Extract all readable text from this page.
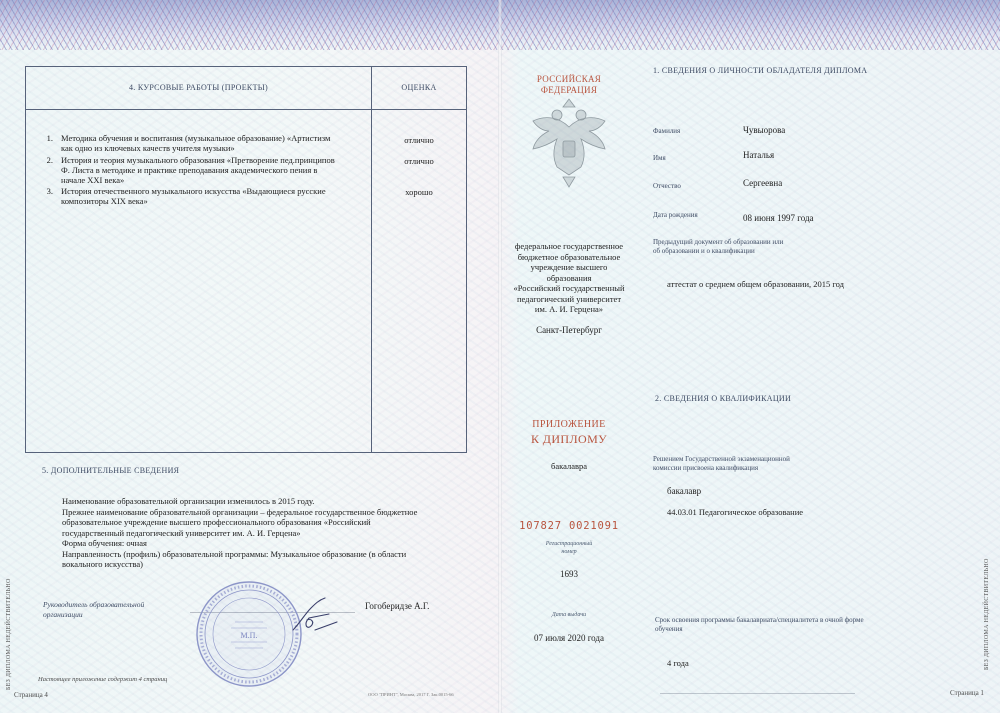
4. КУРСОВЫЕ РАБОТЫ (ПРОЕКТЫ)	ОЦЕНКА
1. Методика обучения и воспитания (музыкальное образование) «Артистизм
как одно из ключевых качеств учителя музыки»
отлично
2. История и теория музыкального образования «Претворение пед.принципов
Ф. Листа в методике и практике преподавания академического пения в
начале XXI века»
отлично
3. История отечественного музыкального искусства «Выдающиеся русские
композиторы XIX века»
хорошо
5. ДОПОЛНИТЕЛЬНЫЕ СВЕДЕНИЯ
Наименование образовательной организации изменилось в 2015 году.
Прежнее наименование образовательной организации – федеральное государственное бюджетное
образовательное учреждение высшего профессионального образования «Российский
государственный педагогический университет им. А. И. Герцена»
Форма обучения: очная
Направленность (профиль) образовательной программы: Музыкальное образование (в области
вокального искусства)
Руководитель образовательной
организации
Гогоберидзе А.Г.
М.П.
Настоящее приложение содержит 4 страниц
Страница 4	ООО "ПРИНТ", Москва, 2017 Г. Зак.0015-66
БЕЗ ДИПЛОМА НЕДЕЙСТВИТЕЛЬНО
РОССИЙСКАЯ
ФЕДЕРАЦИЯ
федеральное государственное
бюджетное образовательное
учреждение высшего
образования
«Российский государственный
педагогический университет
им. А. И. Герцена»
Санкт-Петербург
ПРИЛОЖЕНИЕ
К ДИПЛОМУ
бакалавра
107827 0021091
Регистрационный
номер
1693
Дата выдачи
07 июля 2020 года
1. СВЕДЕНИЯ О ЛИЧНОСТИ ОБЛАДАТЕЛЯ ДИПЛОМА
Фамилия	Чувыорова
Имя	Наталья
Отчество	Сергеевна
Дата рождения	08 июня 1997 года
Предыдущий документ об образовании или
об образовании и о квалификации
аттестат о среднем общем образовании, 2015 год
2. СВЕДЕНИЯ О КВАЛИФИКАЦИИ
Решением Государственной экзаменационной
комиссии присвоена квалификация
бакалавр
44.03.01 Педагогическое образование
Срок освоения программы бакалавриата/специалитета в очной форме
обучения
4 года
Страница 1
БЕЗ ДИПЛОМА НЕДЕЙСТВИТЕЛЬНО
